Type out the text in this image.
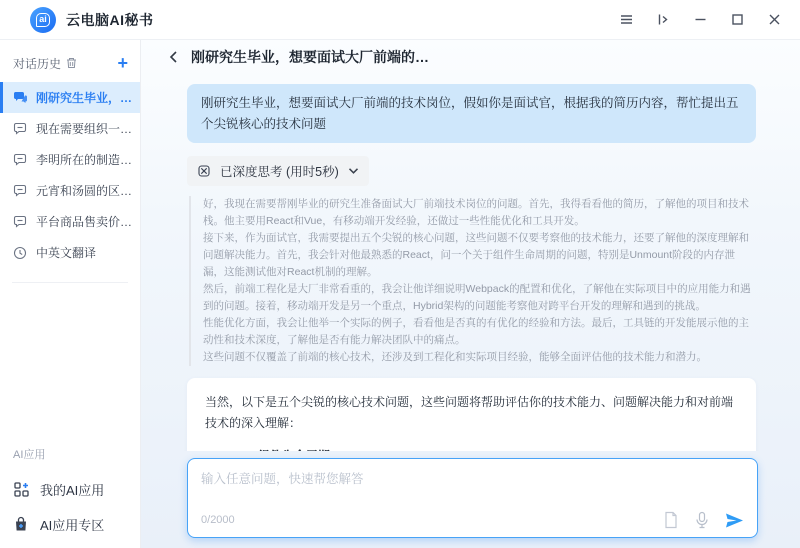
ai 云电脑AI秘书
对话历史	+
刚研究生毕业，…
现在需要组织一…
李明所在的制造…
元宵和汤圆的区…
平台商品售卖价…
中英文翻译
AI应用
我的AI应用
AI应用专区
刚研究生毕业，想要面试大厂前端的…
刚研究生毕业，想要面试大厂前端的技术岗位，假如你是面试官，根据我的简历内容，帮忙提出五个尖锐核心的技术问题
已深度思考 (用时5秒)

好，我现在需要帮刚毕业的研究生准备面试大厂前端技术岗位的问题。首先，我得看看他的简历，了解他的项目和技术栈。他主要用React和Vue，有移动端开发经验，还做过一些性能优化和工具开发。

接下来，作为面试官，我需要提出五个尖锐的核心问题，这些问题不仅要考察他的技术能力，还要了解他的深度理解和问题解决能力。首先，我会针对他最熟悉的React，问一个关于组件生命周期的问题，特别是Unmount阶段的内存泄漏，这能测试他对React机制的理解。

然后，前端工程化是大厂非常看重的，我会让他详细说明Webpack的配置和优化，了解他在实际项目中的应用能力和遇到的问题。接着，移动端开发是另一个重点，Hybrid架构的问题能考察他对跨平台开发的理解和遇到的挑战。

性能优化方面，我会让他举一个实际的例子，看看他是否真的有优化的经验和方法。最后，工具链的开发能展示他的主动性和技术深度，了解他是否有能力解决团队中的痛点。

这些问题不仅覆盖了前端的核心技术，还涉及到工程化和实际项目经验，能够全面评估他的技术能力和潜力。

当然，以下是五个尖锐的核心技术问题，这些问题将帮助评估你的技术能力、问题解决能力和对前端技术的深入理解：

输入任意问题，快速帮您解答
0/2000
